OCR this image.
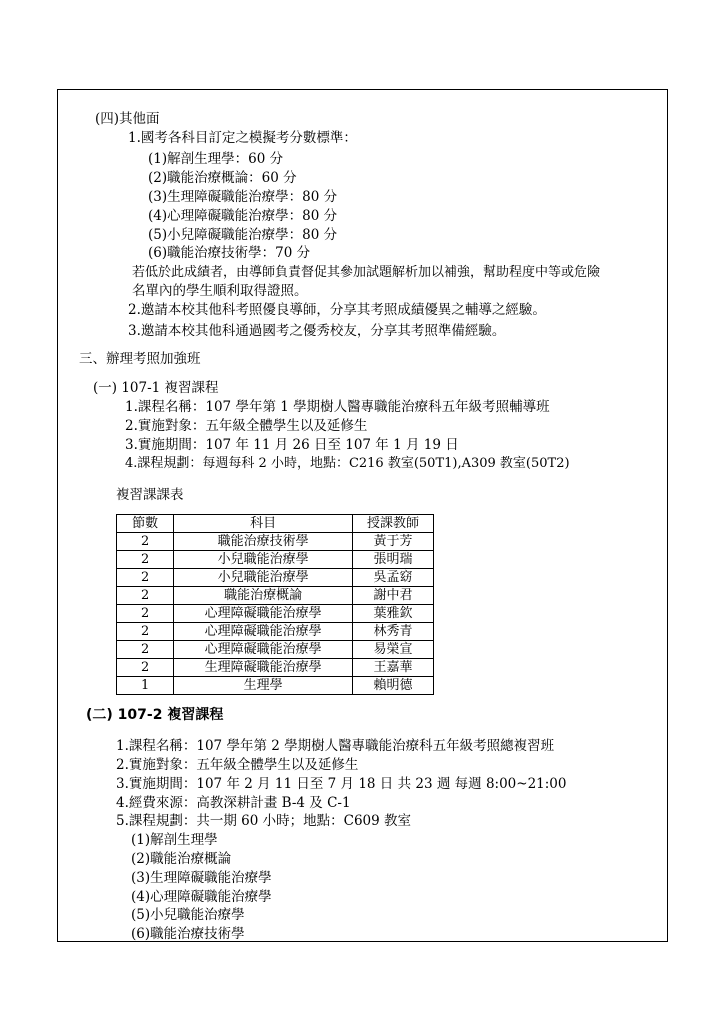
(四)其他面
1.國考各科目訂定之模擬考分數標準：
(1)解剖生理學：60 分
(2)職能治療概論：60 分
(3)生理障礙職能治療學：80 分
(4)心理障礙職能治療學：80 分
(5)小兒障礙職能治療學：80 分
(6)職能治療技術學：70 分
若低於此成績者，由導師負責督促其參加試題解析加以補強，幫助程度中等或危險
名單內的學生順利取得證照。
2.邀請本校其他科考照優良導師，分享其考照成績優異之輔導之經驗。
3.邀請本校其他科通過國考之優秀校友，分享其考照準備經驗。
三、辦理考照加強班
(一) 107-1 複習課程
1.課程名稱：107 學年第 1 學期樹人醫專職能治療科五年級考照輔導班
2.實施對象：五年級全體學生以及延修生
3.實施期間：107 年 11 月 26 日至 107 年 1 月 19 日
4.課程規劃：每週每科 2 小時，地點：C216 教室(50T1),A309 教室(50T2)
複習課課表
節數	科目	授課教師
2	職能治療技術學	黃于芳
2	小兒職能治療學	張明瑞
2	小兒職能治療學	吳孟窈
2	職能治療概論	謝中君
2	心理障礙職能治療學	葉雅欽
2	心理障礙職能治療學	林秀青
2	心理障礙職能治療學	易榮宣
2	生理障礙職能治療學	王嘉華
1	生理學	賴明德
(二) 107-2 複習課程
1.課程名稱：107 學年第 2 學期樹人醫專職能治療科五年級考照總複習班
2.實施對象：五年級全體學生以及延修生
3.實施期間：107 年 2 月 11 日至 7 月 18 日 共 23 週 每週 8:00~21:00
4.經費來源：高教深耕計畫 B-4 及 C-1
5.課程規劃：共一期 60 小時；地點：C609 教室
(1)解剖生理學
(2)職能治療概論
(3)生理障礙職能治療學
(4)心理障礙職能治療學
(5)小兒職能治療學
(6)職能治療技術學
